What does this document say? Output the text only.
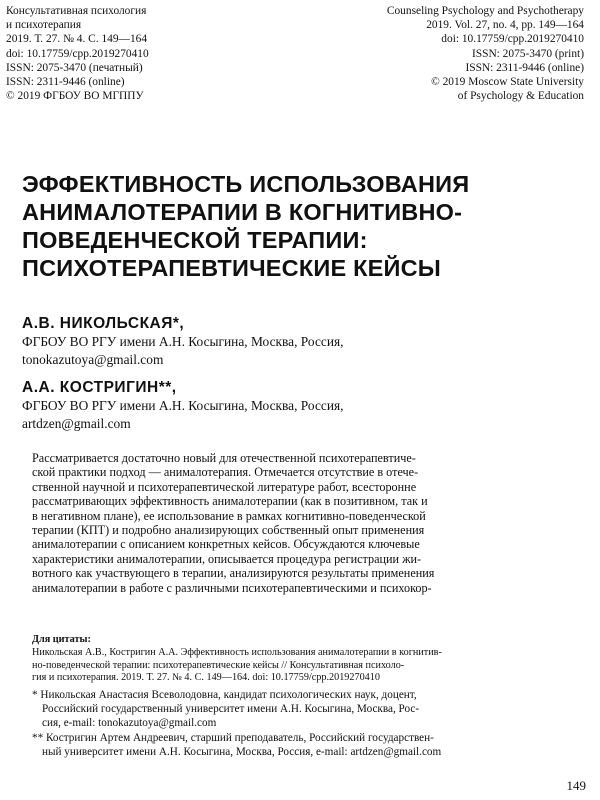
Консультативная психология
и психотерапия
2019. Т. 27. № 4. С. 149—164
doi: 10.17759/cpp.2019270410
ISSN: 2075-3470 (печатный)
ISSN: 2311-9446 (online)
© 2019 ФГБОУ ВО МГППУ
Counseling Psychology and Psychotherapy
2019. Vol. 27, no. 4, pp. 149—164
doi: 10.17759/cpp.2019270410
ISSN: 2075-3470 (print)
ISSN: 2311-9446 (online)
© 2019 Moscow State University
of Psychology & Education
ЭФФЕКТИВНОСТЬ ИСПОЛЬЗОВАНИЯ
АНИМАЛОТЕРАПИИ В КОГНИТИВНО-
ПОВЕДЕНЧЕСКОЙ ТЕРАПИИ:
ПСИХОТЕРАПЕВТИЧЕСКИЕ КЕЙСЫ
А.В. НИКОЛЬСКАЯ*,
ФГБОУ ВО РГУ имени А.Н. Косыгина, Москва, Россия,
tonokazutoya@gmail.com
А.А. КОСТРИГИН**,
ФГБОУ ВО РГУ имени А.Н. Косыгина, Москва, Россия,
artdzen@gmail.com
Рассматривается достаточно новый для отечественной психотерапевтиче-
ской практики подход — анималотерапия. Отмечается отсутствие в отече-
ственной научной и психотерапевтической литературе работ, всесторонне
рассматривающих эффективность анималотерапии (как в позитивном, так и
в негативном плане), ее использование в рамках когнитивно-поведенческой
терапии (КПТ) и подробно анализирующих собственный опыт применения
анималотерапии с описанием конкретных кейсов. Обсуждаются ключевые
характеристики анималотерапии, описывается процедура регистрации жи-
вотного как участвующего в терапии, анализируются результаты применения
анималотерапии в работе с различными психотерапевтическими и психокор-
Для цитаты:
Никольская А.В., Костригин А.А. Эффективность использования анималотерапии в когнитив-
но-поведенческой терапии: психотерапевтические кейсы // Консультативная психоло-
гия и психотерапия. 2019. Т. 27. № 4. С. 149—164. doi: 10.17759/cpp.2019270410
* Никольская Анастасия Всеволодовна, кандидат психологических наук, доцент,
Российский государственный университет имени А.Н. Косыгина, Москва, Рос-
сия, e-mail: tonokazutoya@gmail.com
** Костригин Артем Андреевич, старший преподаватель, Российский государствен-
ный университет имени А.Н. Косыгина, Москва, Россия, e-mail: artdzen@gmail.com
149
